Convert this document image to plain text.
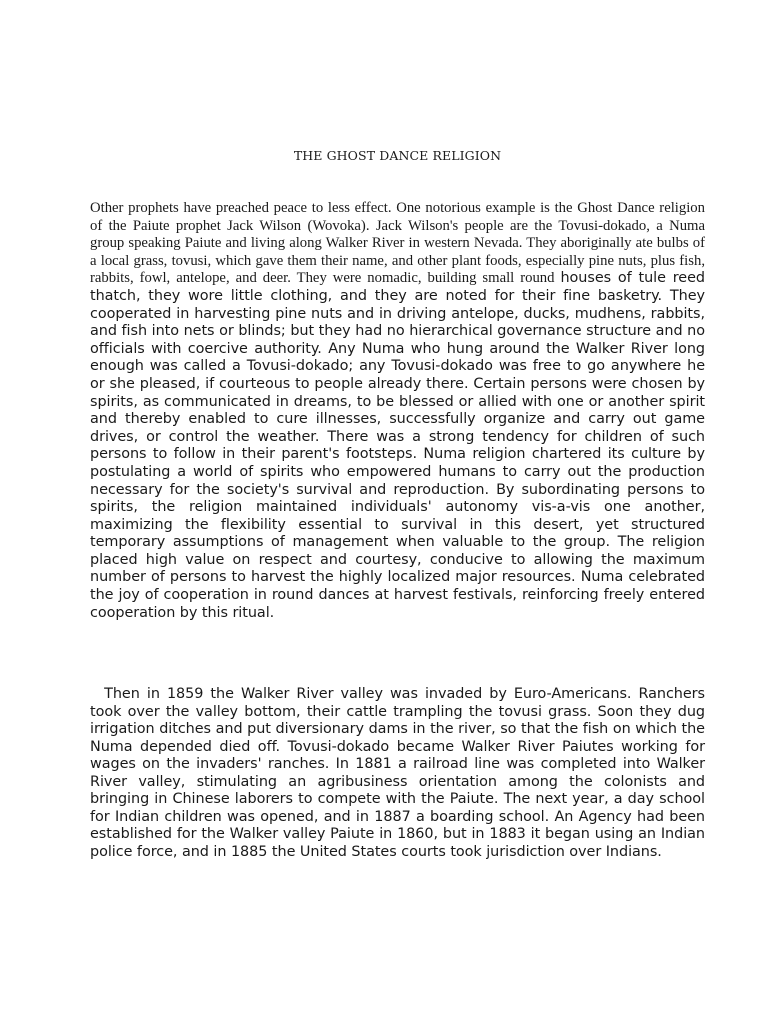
THE GHOST DANCE RELIGION
Other prophets have preached peace to less effect. One notorious example is the Ghost Dance religion of the Paiute prophet Jack Wilson (Wovoka). Jack Wilson's people are the Tovusi-dokado, a Numa group speaking Paiute and living along Walker River in western Nevada. They aboriginally ate bulbs of a local grass, tovusi, which gave them their name, and other plant foods, especially pine nuts, plus fish, rabbits, fowl, antelope, and deer. They were nomadic, building small round houses of tule reed thatch, they wore little clothing, and they are noted for their fine basketry. They cooperated in harvesting pine nuts and in driving antelope, ducks, mudhens, rabbits, and fish into nets or blinds; but they had no hierarchical governance structure and no officials with coercive authority. Any Numa who hung around the Walker River long enough was called a Tovusi-dokado; any Tovusi-dokado was free to go anywhere he or she pleased, if courteous to people already there. Certain persons were chosen by spirits, as communicated in dreams, to be blessed or allied with one or another spirit and thereby enabled to cure illnesses, successfully organize and carry out game drives, or control the weather. There was a strong tendency for children of such persons to follow in their parent's footsteps. Numa religion chartered its culture by postulating a world of spirits who empowered humans to carry out the production necessary for the society's survival and reproduction. By subordinating persons to spirits, the religion maintained individuals' autonomy vis-a-vis one another, maximizing the flexibility essential to survival in this desert, yet structured temporary assumptions of management when valuable to the group. The religion placed high value on respect and courtesy, conducive to allowing the maximum number of persons to harvest the highly localized major resources. Numa celebrated the joy of cooperation in round dances at harvest festivals, reinforcing freely entered cooperation by this ritual.

Then in 1859 the Walker River valley was invaded by Euro-Americans. Ranchers took over the valley bottom, their cattle trampling the tovusi grass. Soon they dug irrigation ditches and put diversionary dams in the river, so that the fish on which the Numa depended died off. Tovusi-dokado became Walker River Paiutes working for wages on the invaders' ranches. In 1881 a railroad line was completed into Walker River valley, stimulating an agribusiness orientation among the colonists and bringing in Chinese laborers to compete with the Paiute. The next year, a day school for Indian children was opened, and in 1887 a boarding school. An Agency had been established for the Walker valley Paiute in 1860, but in 1883 it began using an Indian police force, and in 1885 the United States courts took jurisdiction over Indians.
